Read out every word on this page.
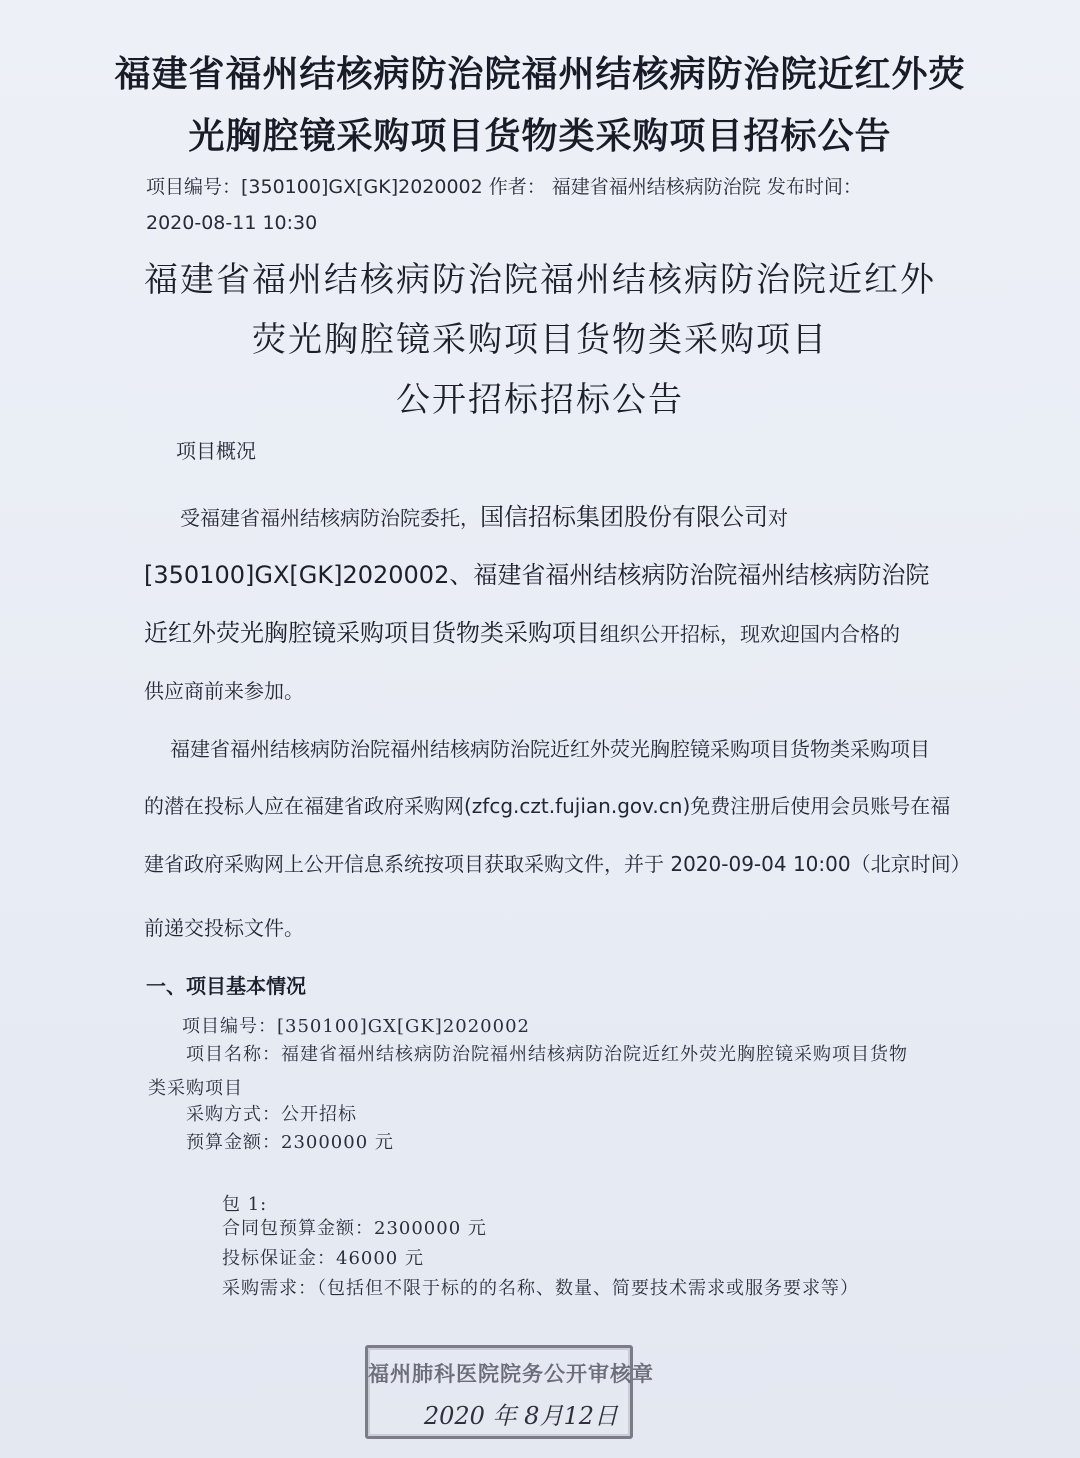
福建省福州结核病防治院福州结核病防治院近红外荧

光胸腔镜采购项目货物类采购项目招标公告

项目编号：[350100]GX[GK]2020002 作者： 福建省福州结核病防治院 发布时间：

2020-08-11 10:30

福建省福州结核病防治院福州结核病防治院近红外

荧光胸腔镜采购项目货物类采购项目

公开招标招标公告

项目概况

受福建省福州结核病防治院委托，国信招标集团股份有限公司对

[350100]GX[GK]2020002、福建省福州结核病防治院福州结核病防治院

近红外荧光胸腔镜采购项目货物类采购项目组织公开招标，现欢迎国内合格的

供应商前来参加。

福建省福州结核病防治院福州结核病防治院近红外荧光胸腔镜采购项目货物类采购项目

的潜在投标人应在福建省政府采购网(zfcg.czt.fujian.gov.cn)免费注册后使用会员账号在福

建省政府采购网上公开信息系统按项目获取采购文件，并于 2020-09-04 10:00（北京时间）

前递交投标文件。

一、项目基本情况

项目编号：[350100]GX[GK]2020002

项目名称：福建省福州结核病防治院福州结核病防治院近红外荧光胸腔镜采购项目货物

类采购项目

采购方式：公开招标

预算金额：2300000 元

包 1:

合同包预算金额：2300000 元

投标保证金：46000 元

采购需求：（包括但不限于标的的名称、数量、简要技术需求或服务要求等）

福州肺科医院院务公开审核章
2020 年 8月12日
